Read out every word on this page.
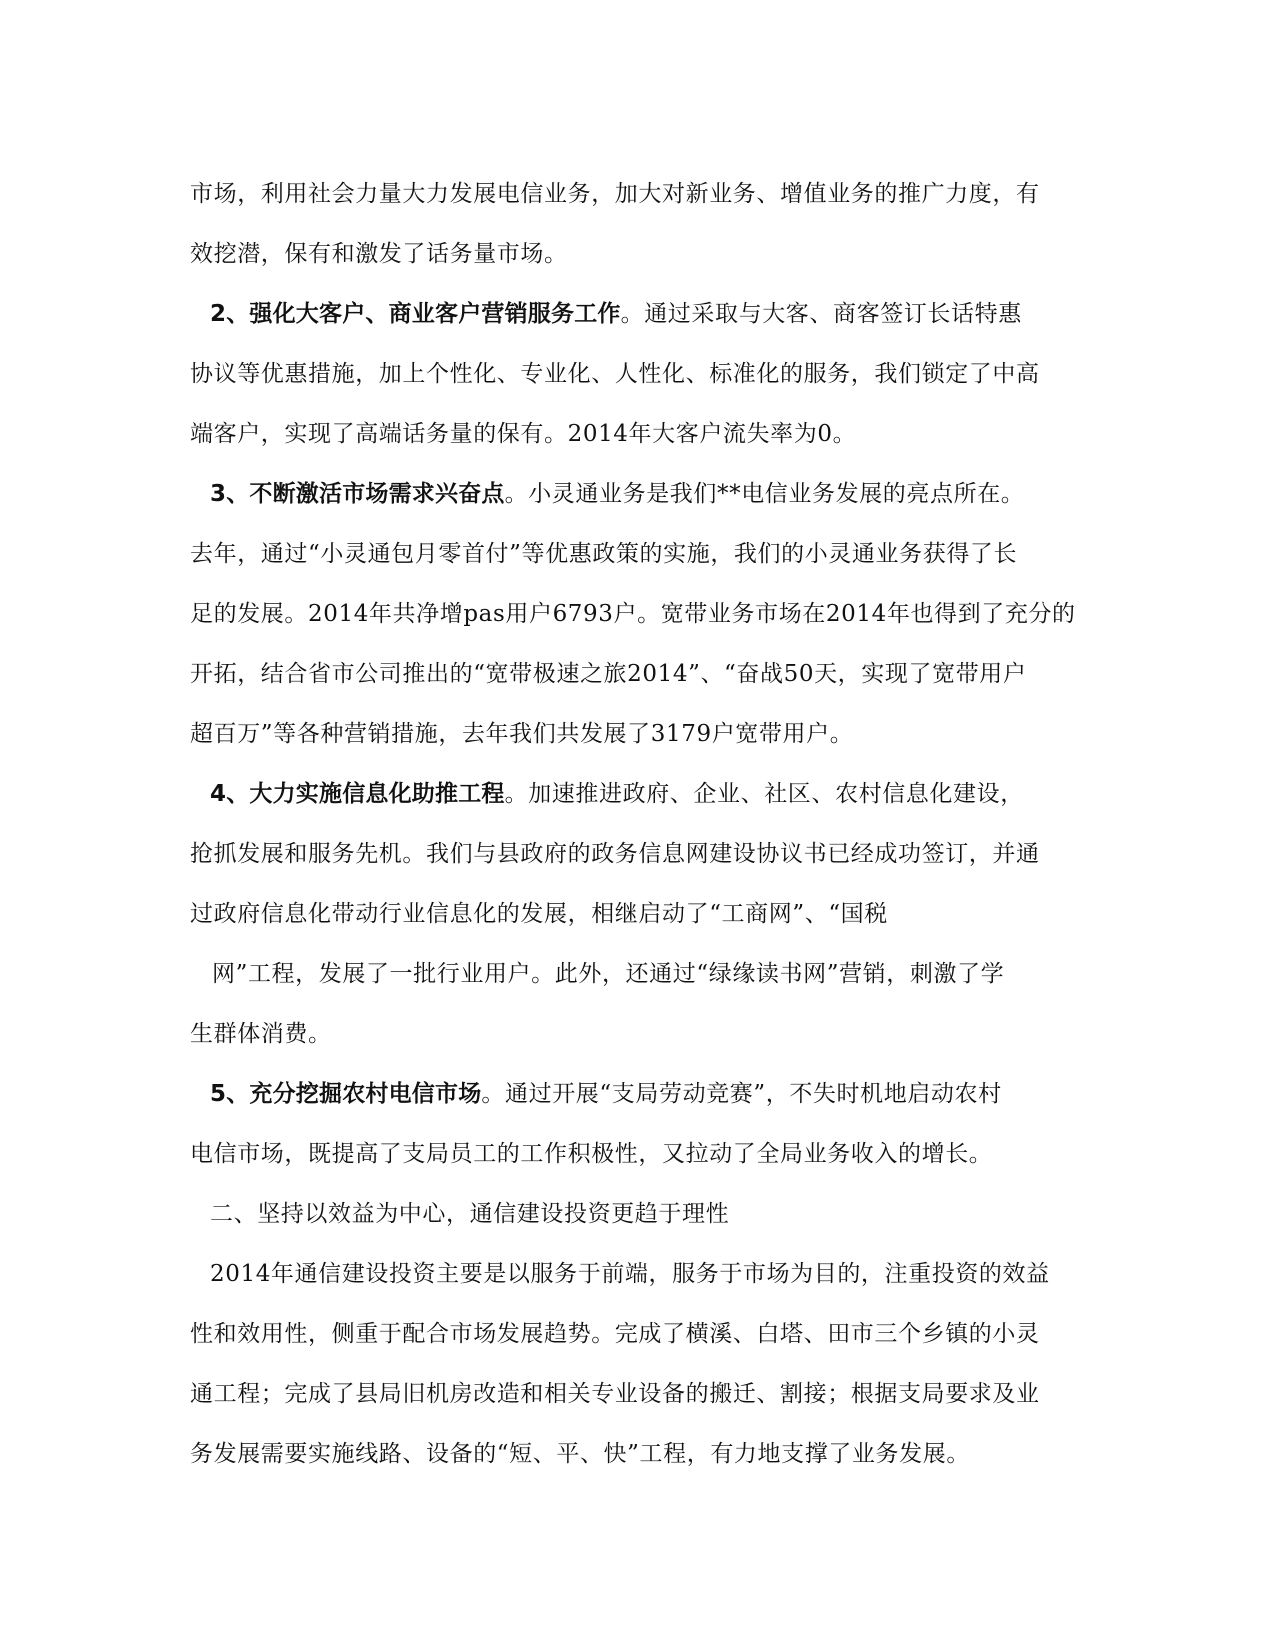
市场，利用社会力量大力发展电信业务，加大对新业务、增值业务的推广力度，有
效挖潜，保有和激发了话务量市场。
2、强化大客户、商业客户营销服务工作。通过采取与大客、商客签订长话特惠
协议等优惠措施，加上个性化、专业化、人性化、标准化的服务，我们锁定了中高
端客户，实现了高端话务量的保有。2014年大客户流失率为0。
3、不断激活市场需求兴奋点。小灵通业务是我们**电信业务发展的亮点所在。
去年，通过“小灵通包月零首付”等优惠政策的实施，我们的小灵通业务获得了长
足的发展。2014年共净增pas用户6793户。宽带业务市场在2014年也得到了充分的
开拓，结合省市公司推出的“宽带极速之旅2014”、“奋战50天，实现了宽带用户
超百万”等各种营销措施，去年我们共发展了3179户宽带用户。
4、大力实施信息化助推工程。加速推进政府、企业、社区、农村信息化建设，
抢抓发展和服务先机。我们与县政府的政务信息网建设协议书已经成功签订，并通
过政府信息化带动行业信息化的发展，相继启动了“工商网”、“国税
网”工程，发展了一批行业用户。此外，还通过“绿缘读书网”营销，刺激了学
生群体消费。
5、充分挖掘农村电信市场。通过开展“支局劳动竞赛”，不失时机地启动农村
电信市场，既提高了支局员工的工作积极性，又拉动了全局业务收入的增长。
二、坚持以效益为中心，通信建设投资更趋于理性
2014年通信建设投资主要是以服务于前端，服务于市场为目的，注重投资的效益
性和效用性，侧重于配合市场发展趋势。完成了横溪、白塔、田市三个乡镇的小灵
通工程；完成了县局旧机房改造和相关专业设备的搬迁、割接；根据支局要求及业
务发展需要实施线路、设备的“短、平、快”工程，有力地支撑了业务发展。
